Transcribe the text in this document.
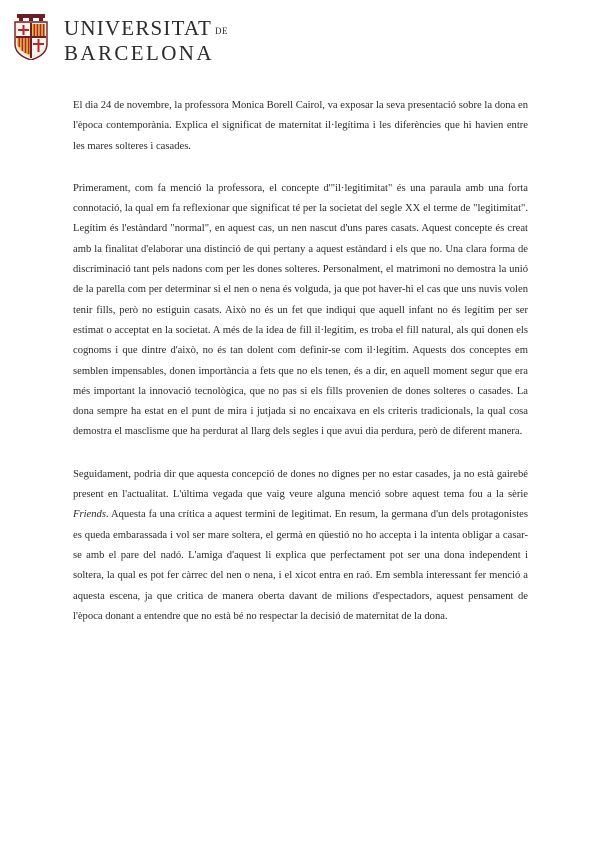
UNIVERSITAT DE
BARCELONA

El dia 24 de novembre, la professora Monica Borell Cairol, va exposar la seva presentació sobre la dona en l'època contemporània. Explica el significat de maternitat il·legítima i les diferències que hi havien entre les mares solteres i casades.

Primerament, com fa menció la professora, el concepte d'"il·legitimitat" és una paraula amb una forta connotació, la qual em fa reflexionar que significat té per la societat del segle XX el terme de "legitimitat". Legítim és l'estàndard "normal", en aquest cas, un nen nascut d'uns pares casats. Aquest concepte és creat amb la finalitat d'elaborar una distinció de qui pertany a aquest estàndard i els que no. Una clara forma de discriminació tant pels nadons com per les dones solteres. Personalment, el matrimoni no demostra la unió de la parella com per determinar si el nen o nena és volguda, ja que pot haver-hi el cas que uns nuvis volen tenir fills, però no estiguin casats. Això no és un fet que indiqui que aquell infant no és legítim per ser estimat o acceptat en la societat. A més de la idea de fill il·legítim, es troba el fill natural, als qui donen els cognoms i que dintre d'això, no és tan dolent com definir-se com il·legítim. Aquests dos conceptes em semblen impensables, donen importància a fets que no els tenen, és a dir, en aquell moment segur que era més important la innovació tecnològica, que no pas si els fills provenien de dones solteres o casades. La dona sempre ha estat en el punt de mira i jutjada si no encaixava en els criteris tradicionals, la qual cosa demostra el masclisme que ha perdurat al llarg dels segles i que avui dia perdura, però de diferent manera.

Seguidament, podria dir que aquesta concepció de dones no dignes per no estar casades, ja no està gairebé present en l'actualitat. L'última vegada que vaig veure alguna menció sobre aquest tema fou a la sèrie Friends. Aquesta fa una crítica a aquest termini de legitimat. En resum, la germana d'un dels protagonistes es queda embarassada i vol ser mare soltera, el germà en qüestió no ho accepta i la intenta obligar a casar-se amb el pare del nadó. L'amiga d'aquest li explica que perfectament pot ser una dona independent i soltera, la qual es pot fer càrrec del nen o nena, i el xicot entra en raó. Em sembla interessant fer menció a aquesta escena, ja que critica de manera oberta davant de milions d'espectadors, aquest pensament de l'època donant a entendre que no està bé no respectar la decisió de maternitat de la dona.
